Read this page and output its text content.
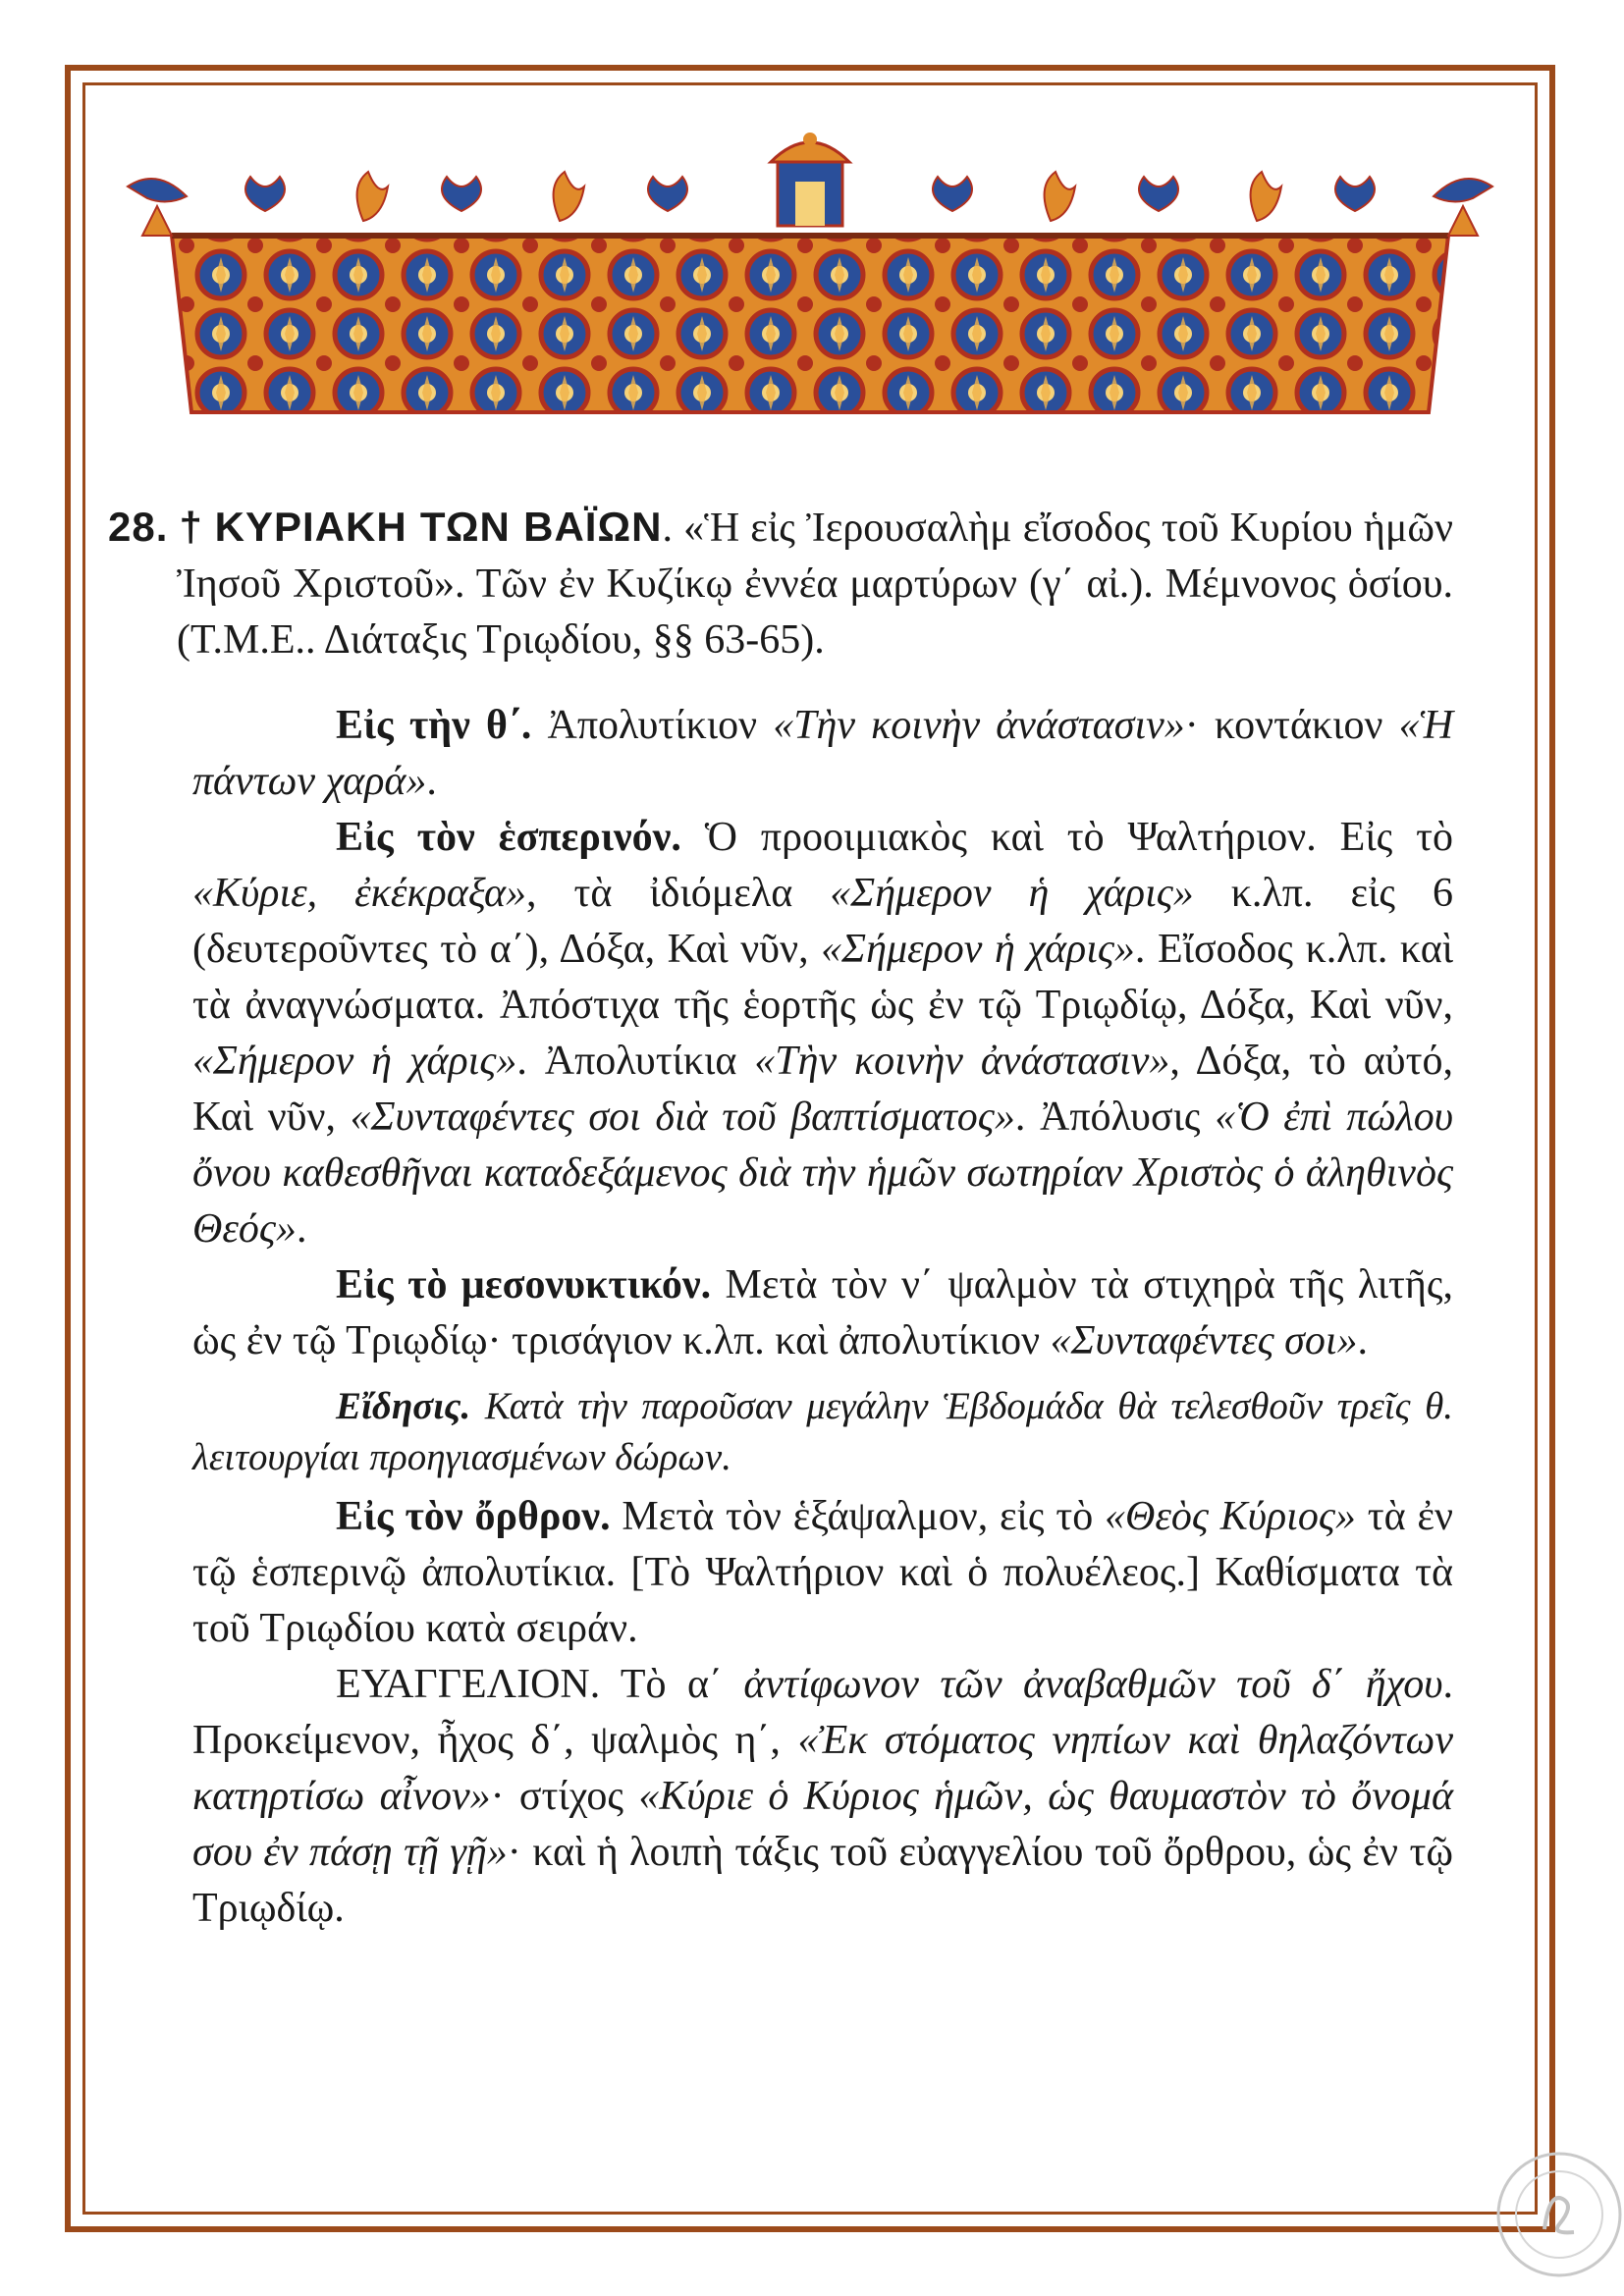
28. † ΚΥΡΙΑΚΗ ΤΩΝ ΒΑΪΩΝ. «Ἡ εἰς Ἰερουσαλὴμ εἴσοδος τοῦ Κυρίου ἡμῶν Ἰησοῦ Χριστοῦ». Τῶν ἐν Κυζίκῳ ἐννέα μαρτύρων (γ΄ αἰ.). Μέμνονος ὁσίου. (Τ.Μ.Ε.. Διάταξις Τριῳδίου, §§ 63-65).

Εἰς τὴν θ΄. Ἀπολυτίκιον «Τὴν κοινὴν ἀνάστασιν»· κοντάκιον «Ἡ πάντων χαρά».

Εἰς τὸν ἑσπερινόν. Ὁ προοιμιακὸς καὶ τὸ Ψαλτήριον. Εἰς τὸ «Κύριε, ἐκέκραξα», τὰ ἰδιόμελα «Σήμερον ἡ χάρις» κ.λπ. εἰς 6 (δευτεροῦντες τὸ α΄), Δόξα, Καὶ νῦν, «Σήμερον ἡ χάρις». Εἴσοδος κ.λπ. καὶ τὰ ἀναγνώσματα. Ἀπόστιχα τῆς ἑορτῆς ὡς ἐν τῷ Τριῳδίῳ, Δόξα, Καὶ νῦν, «Σήμερον ἡ χάρις». Ἀπολυτίκια «Τὴν κοινὴν ἀνάστασιν», Δόξα, τὸ αὐτό, Καὶ νῦν, «Συνταφέντες σοι διὰ τοῦ βαπτίσματος». Ἀπόλυσις «Ὁ ἐπὶ πώλου ὄνου καθεσθῆναι καταδεξάμενος διὰ τὴν ἡμῶν σωτηρίαν Χριστὸς ὁ ἀληθινὸς Θεός».

Εἰς τὸ μεσονυκτικόν. Μετὰ τὸν ν΄ ψαλμὸν τὰ στιχηρὰ τῆς λιτῆς, ὡς ἐν τῷ Τριῳδίῳ· τρισάγιον κ.λπ. καὶ ἀπολυτίκιον «Συνταφέντες σοι».

Εἴδησις. Κατὰ τὴν παροῦσαν μεγάλην Ἑβδομάδα θὰ τελεσθοῦν τρεῖς θ. λειτουργίαι προηγιασμένων δώρων.

Εἰς τὸν ὄρθρον. Μετὰ τὸν ἑξάψαλμον, εἰς τὸ «Θεὸς Κύριος» τὰ ἐν τῷ ἑσπερινῷ ἀπολυτίκια. [Τὸ Ψαλτήριον καὶ ὁ πολυέλεος.] Καθίσματα τὰ τοῦ Τριῳδίου κατὰ σειράν.

ΕΥΑΓΓΕΛΙΟΝ. Τὸ α΄ ἀντίφωνον τῶν ἀναβαθμῶν τοῦ δ΄ ἤχου. Προκείμενον, ἦχος δ΄, ψαλμὸς η΄, «Ἐκ στόματος νηπίων καὶ θηλαζόντων κατηρτίσω αἶνον»· στίχος «Κύριε ὁ Κύριος ἡμῶν, ὡς θαυμαστὸν τὸ ὄνομά σου ἐν πάσῃ τῇ γῇ»· καὶ ἡ λοιπὴ τάξις τοῦ εὐαγγελίου τοῦ ὄρθρου, ὡς ἐν τῷ Τριῳδίῳ.
